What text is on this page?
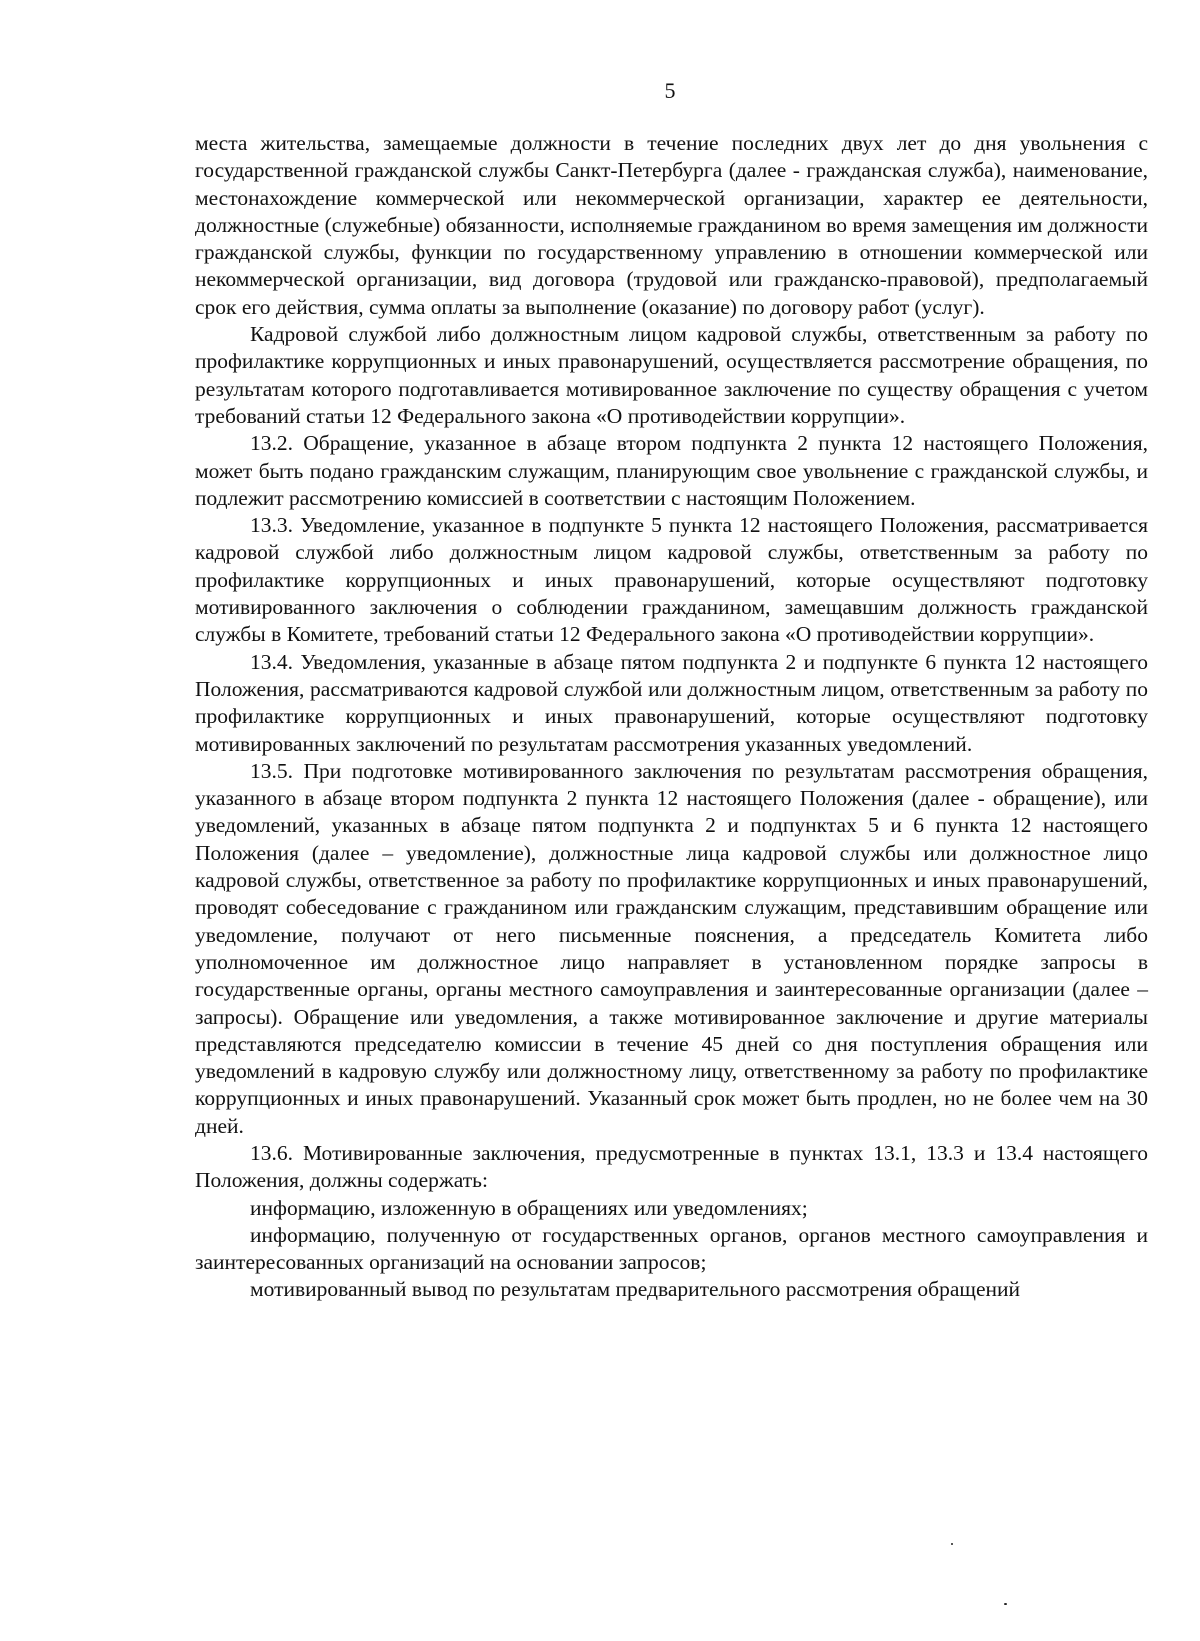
5

места жительства, замещаемые должности в течение последних двух лет до дня увольнения с государственной гражданской службы Санкт-Петербурга (далее - гражданская служба), наименование, местонахождение коммерческой или некоммерческой организации, характер ее деятельности, должностные (служебные) обязанности, исполняемые гражданином во время замещения им должности гражданской службы, функции по государственному управлению в отношении коммерческой или некоммерческой организации, вид договора (трудовой или гражданско-правовой), предполагаемый срок его действия, сумма оплаты за выполнение (оказание) по договору работ (услуг).

Кадровой службой либо должностным лицом кадровой службы, ответственным за работу по профилактике коррупционных и иных правонарушений, осуществляется рассмотрение обращения, по результатам которого подготавливается мотивированное заключение по существу обращения с учетом требований статьи 12 Федерального закона «О противодействии коррупции».

13.2. Обращение, указанное в абзаце втором подпункта 2 пункта 12 настоящего Положения, может быть подано гражданским служащим, планирующим свое увольнение с гражданской службы, и подлежит рассмотрению комиссией в соответствии с настоящим Положением.

13.3. Уведомление, указанное в подпункте 5 пункта 12 настоящего Положения, рассматривается кадровой службой либо должностным лицом кадровой службы, ответственным за работу по профилактике коррупционных и иных правонарушений, которые осуществляют подготовку мотивированного заключения о соблюдении гражданином, замещавшим должность гражданской службы в Комитете, требований статьи 12 Федерального закона «О противодействии коррупции».

13.4. Уведомления, указанные в абзаце пятом подпункта 2 и подпункте 6 пункта 12 настоящего Положения, рассматриваются кадровой службой или должностным лицом, ответственным за работу по профилактике коррупционных и иных правонарушений, которые осуществляют подготовку мотивированных заключений по результатам рассмотрения указанных уведомлений.

13.5. При подготовке мотивированного заключения по результатам рассмотрения обращения, указанного в абзаце втором подпункта 2 пункта 12 настоящего Положения (далее - обращение), или уведомлений, указанных в абзаце пятом подпункта 2 и подпунктах 5 и 6 пункта 12 настоящего Положения (далее – уведомление), должностные лица кадровой службы или должностное лицо кадровой службы, ответственное за работу по профилактике коррупционных и иных правонарушений, проводят собеседование с гражданином или гражданским служащим, представившим обращение или уведомление, получают от него письменные пояснения, а председатель Комитета либо уполномоченное им должностное лицо направляет в установленном порядке запросы в государственные органы, органы местного самоуправления и заинтересованные организации (далее – запросы). Обращение или уведомления, а также мотивированное заключение и другие материалы представляются председателю комиссии в течение 45 дней со дня поступления обращения или уведомлений в кадровую службу или должностному лицу, ответственному за работу по профилактике коррупционных и иных правонарушений. Указанный срок может быть продлен, но не более чем на 30 дней.

13.6. Мотивированные заключения, предусмотренные в пунктах 13.1, 13.3 и 13.4 настоящего Положения, должны содержать:

информацию, изложенную в обращениях или уведомлениях;

информацию, полученную от государственных органов, органов местного самоуправления и заинтересованных организаций на основании запросов;

мотивированный вывод по результатам предварительного рассмотрения обращений
